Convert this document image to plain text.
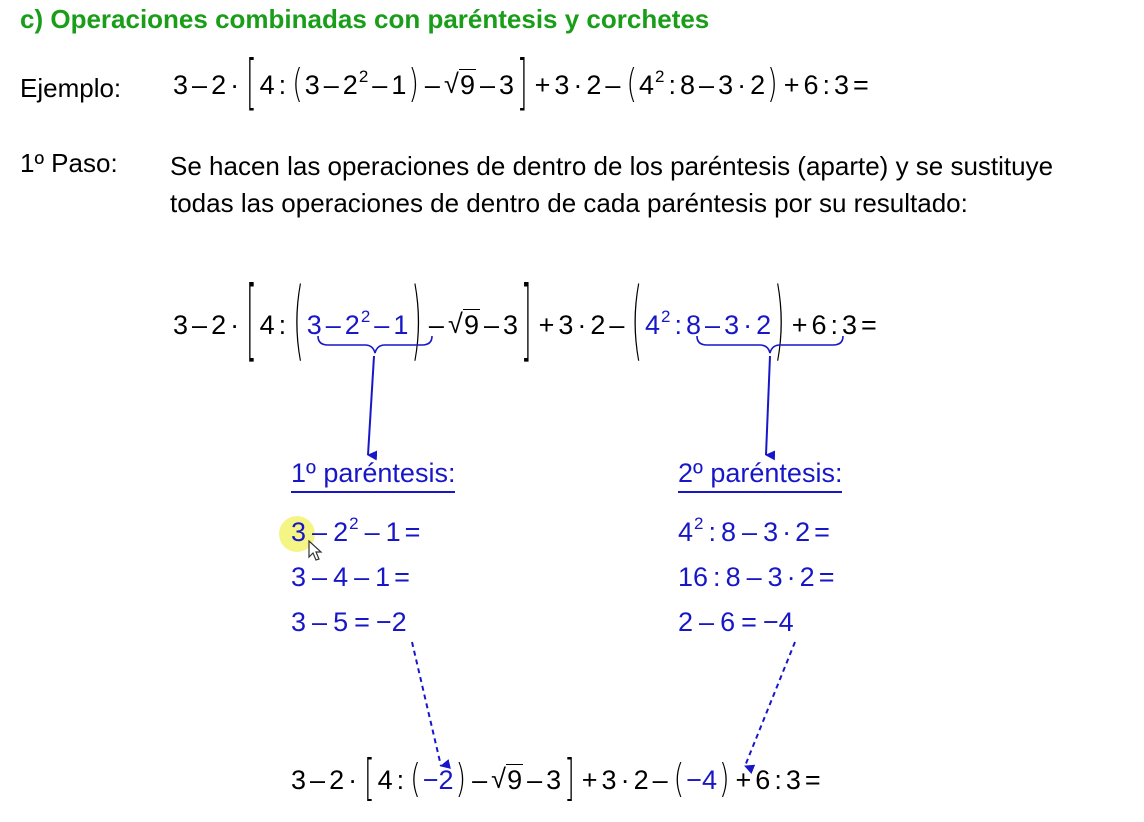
c) Operaciones combinadas con paréntesis y corchetes
Ejemplo: 3 – 2 · [ 4 : $(3 - 2^2 - 1)$ – √ 9 – 3 ] + $3 \cdot 2 - (4^2$ : 8 – 3 · 2) + 6 : 3 =
1º Paso: Se hacen las operaciones de dentro de los paréntesis (aparte) y se sustituye todas las operaciones de dentro de cada paréntesis por su resultado:
3 – 2 · [ 4 : ( $3 - 2^2 - 1$ ) – √ 9 – 3 ] + 3 · 2 – ( $4^2$ : 8 – 3 · 2 ) + 6 : 3 =
1º paréntesis:
$3 - 2^2 - 1$ =
3 – 4 – 1 =
3 – 5 = −2
2º paréntesis:
$4^2$ : 8 – 3 · 2 =
16 : 8 – 3 · 2 =
2 – 6 = −4
3 – 2 · [ 4 : (−2) – √ 9 – 3 ] + 3 · 2 – (−4) + 6 : 3 =
